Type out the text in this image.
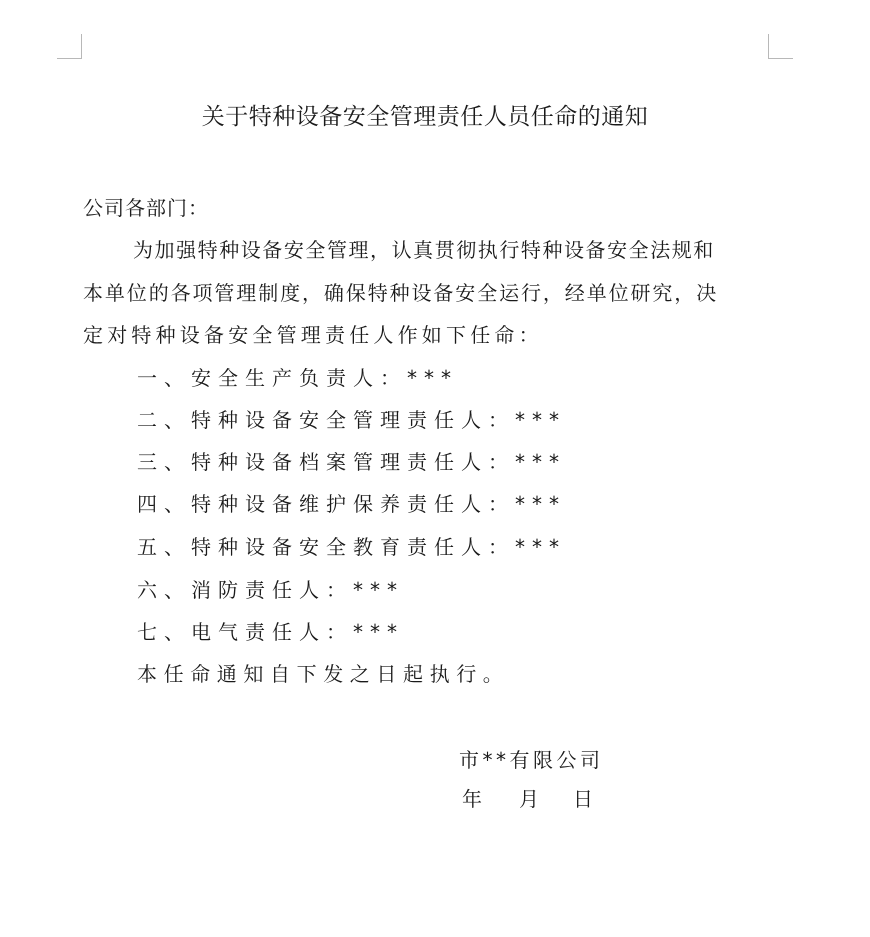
关于特种设备安全管理责任人员任命的通知
公司各部门：
为加强特种设备安全管理，认真贯彻执行特种设备安全法规和
本单位的各项管理制度，确保特种设备安全运行，经单位研究，决
定对特种设备安全管理责任人作如下任命：
一、安全生产负责人：***
二、特种设备安全管理责任人：***
三、特种设备档案管理责任人：***
四、特种设备维护保养责任人：***
五、特种设备安全教育责任人：***
六、消防责任人：***
七、电气责任人：***
本任命通知自下发之日起执行。
市**有限公司
年 月 日
